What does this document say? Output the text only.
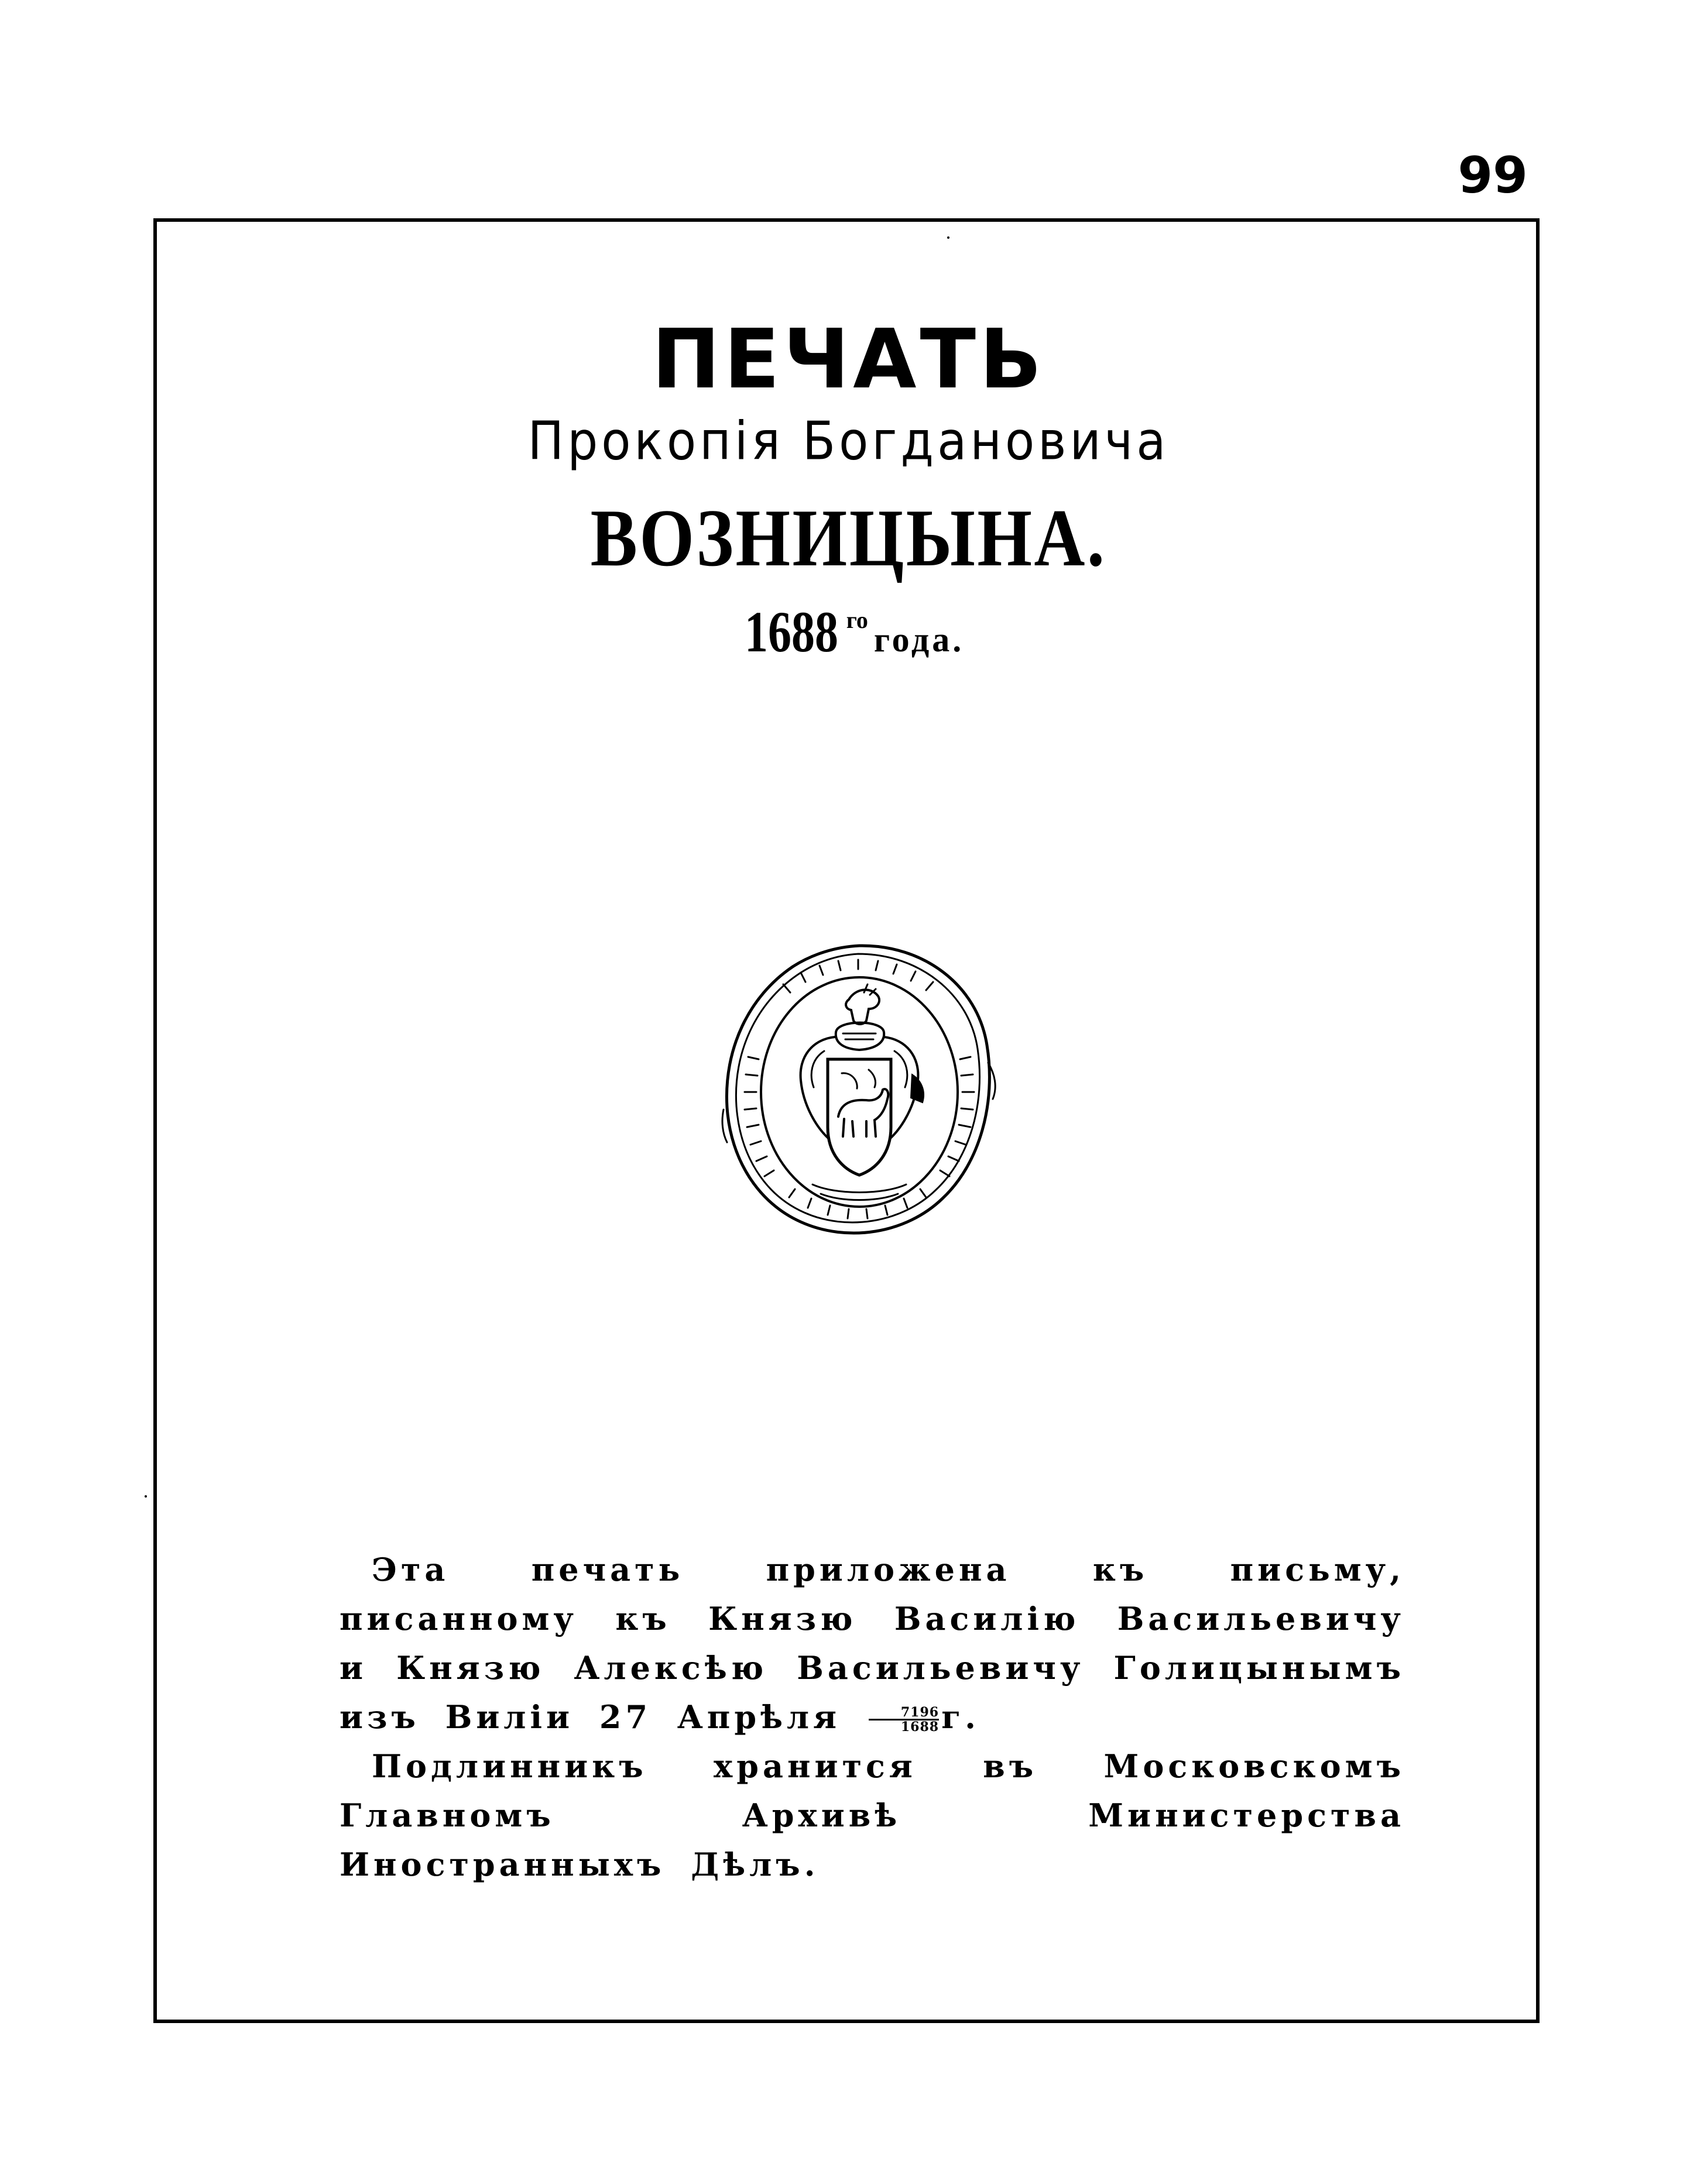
99
ПЕЧАТЬ
Прокопія Богдановича
ВОЗНИЦЫНА.
1688 гогода.

Эта печать приложена къ письму, писанному къ Князю Василію Васильевичу и Князю Алексѣю Васильевичу Голицынымъ изъ Виліи 27 Апрѣля $\frac{7196}{1688} г$.

Подлинникъ хранится въ Московскомъ Главномъ Архивѣ Министерства Иностранныхъ Дѣлъ.
